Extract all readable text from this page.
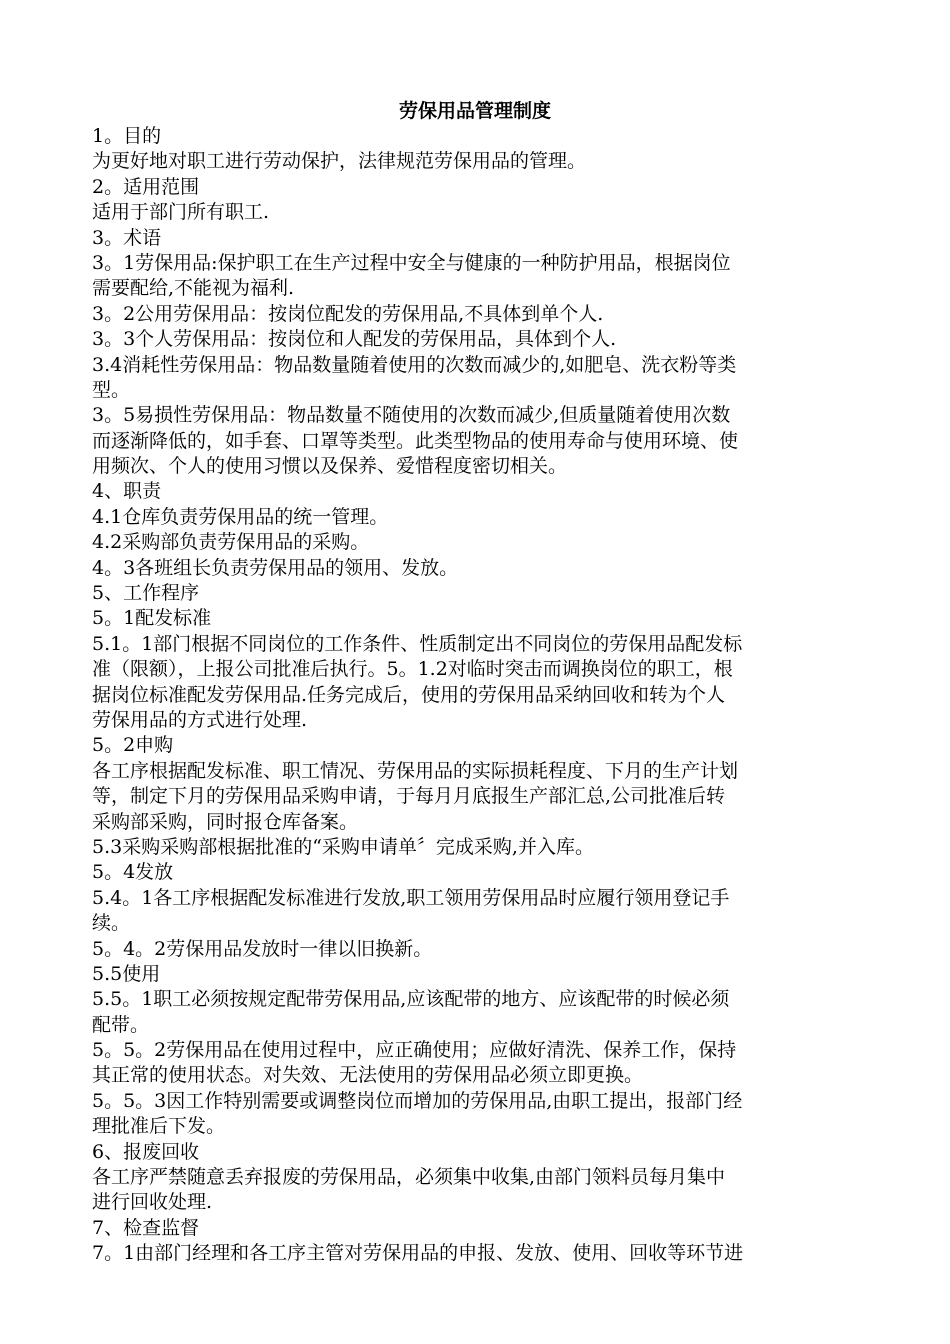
劳保用品管理制度
1。目的
为更好地对职工进行劳动保护，法律规范劳保用品的管理。
2。适用范围
适用于部门所有职工.
3。术语
3。1劳保用品:保护职工在生产过程中安全与健康的一种防护用品，根据岗位
需要配给,不能视为福利.
3。2公用劳保用品：按岗位配发的劳保用品,不具体到单个人.
3。3个人劳保用品：按岗位和人配发的劳保用品，具体到个人.
3.4消耗性劳保用品：物品数量随着使用的次数而减少的,如肥皂、洗衣粉等类
型。
3。5易损性劳保用品：物品数量不随使用的次数而减少,但质量随着使用次数
而逐渐降低的，如手套、口罩等类型。此类型物品的使用寿命与使用环境、使
用频次、个人的使用习惯以及保养、爱惜程度密切相关。
4、职责
4.1仓库负责劳保用品的统一管理。
4.2采购部负责劳保用品的采购。
4。3各班组长负责劳保用品的领用、发放。
5、工作程序
5。1配发标准
5.1。1部门根据不同岗位的工作条件、性质制定出不同岗位的劳保用品配发标
准（限额），上报公司批准后执行。5。1.2对临时突击而调换岗位的职工，根
据岗位标准配发劳保用品.任务完成后，使用的劳保用品采纳回收和转为个人
劳保用品的方式进行处理.
5。2申购
各工序根据配发标准、职工情况、劳保用品的实际损耗程度、下月的生产计划
等，制定下月的劳保用品采购申请，于每月月底报生产部汇总,公司批准后转
采购部采购，同时报仓库备案。
5.3采购采购部根据批准的“采购申请单〞完成采购,并入库。
5。4发放
5.4。1各工序根据配发标准进行发放,职工领用劳保用品时应履行领用登记手
续。
5。4。2劳保用品发放时一律以旧换新。
5.5使用
5.5。1职工必须按规定配带劳保用品,应该配带的地方、应该配带的时候必须
配带。
5。5。2劳保用品在使用过程中，应正确使用；应做好清洗、保养工作，保持
其正常的使用状态。对失效、无法使用的劳保用品必须立即更换。
5。5。3因工作特别需要或调整岗位而增加的劳保用品,由职工提出，报部门经
理批准后下发。
6、报废回收
各工序严禁随意丢弃报废的劳保用品，必须集中收集,由部门领料员每月集中
进行回收处理.
7、检查监督
7。1由部门经理和各工序主管对劳保用品的申报、发放、使用、回收等环节进
